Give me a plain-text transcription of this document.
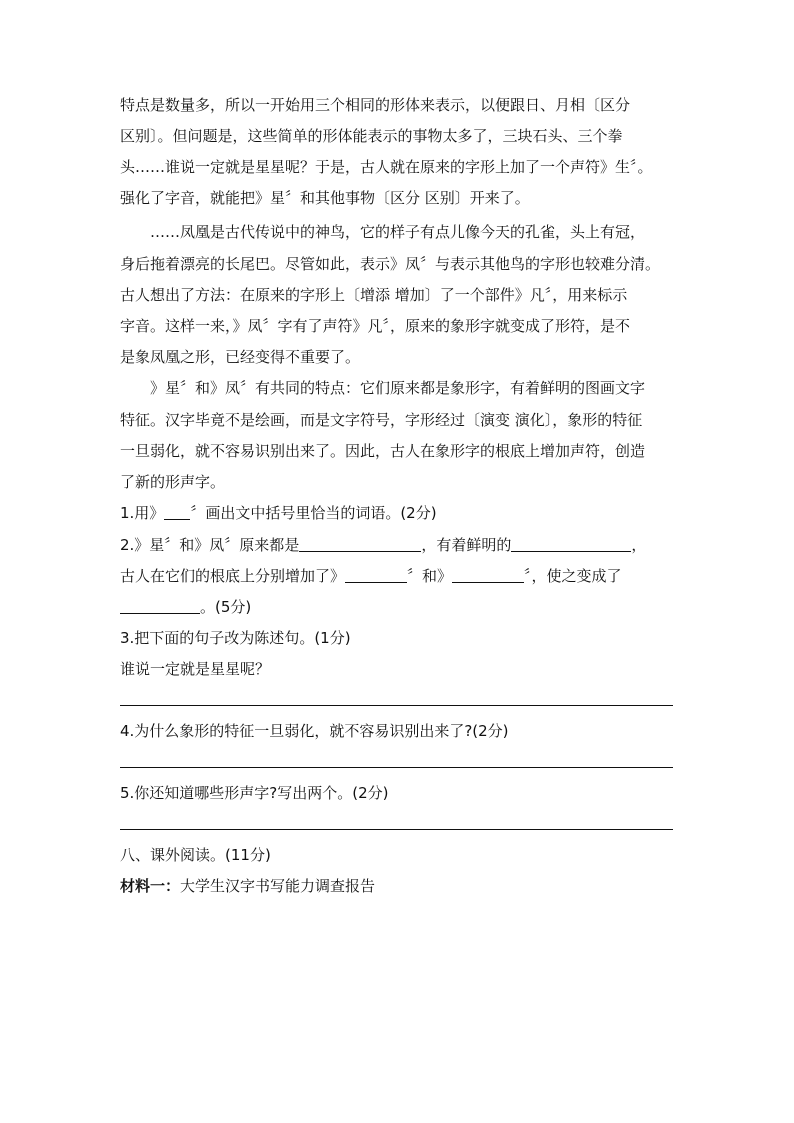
特点是数量多，所以一开始用三个相同的形体来表示，以便跟日、月相〔区分
区别〕。但问题是，这些简单的形体能表示的事物太多了，三块石头、三个拳
头……谁说一定就是星星呢？于是，古人就在原来的字形上加了一个声符》生〞。
强化了字音，就能把》星〞和其他事物〔区分 区别〕开来了。
……凤凰是古代传说中的神鸟，它的样子有点儿像今天的孔雀，头上有冠，
身后拖着漂亮的长尾巴。尽管如此，表示》凤〞与表示其他鸟的字形也较难分清。
古人想出了方法：在原来的字形上〔增添 增加〕了一个部件》凡〞，用来标示
字音。这样一来，》凤〞字有了声符》凡〞，原来的象形字就变成了形符，是不
是象凤凰之形，已经变得不重要了。
》星〞和》凤〞有共同的特点：它们原来都是象形字，有着鲜明的图画文字
特征。汉字毕竟不是绘画，而是文字符号，字形经过〔演变 演化〕，象形的特征
一旦弱化，就不容易识别出来了。因此，古人在象形字的根底上增加声符，创造
了新的形声字。
1.用》 〞画出文中括号里恰当的词语。(2分)
2.》星〞和》凤〞原来都是	，有着鲜明的	，
古人在它们的根底上分别增加了》	〞和》	〞，使之变成了
。(5分)
3.把下面的句子改为陈述句。(1分)
谁说一定就是星星呢？
4.为什么象形的特征一旦弱化，就不容易识别出来了?(2分)
5.你还知道哪些形声字?写出两个。(2分)
八、课外阅读。(11分)
材料一：大学生汉字书写能力调查报告
